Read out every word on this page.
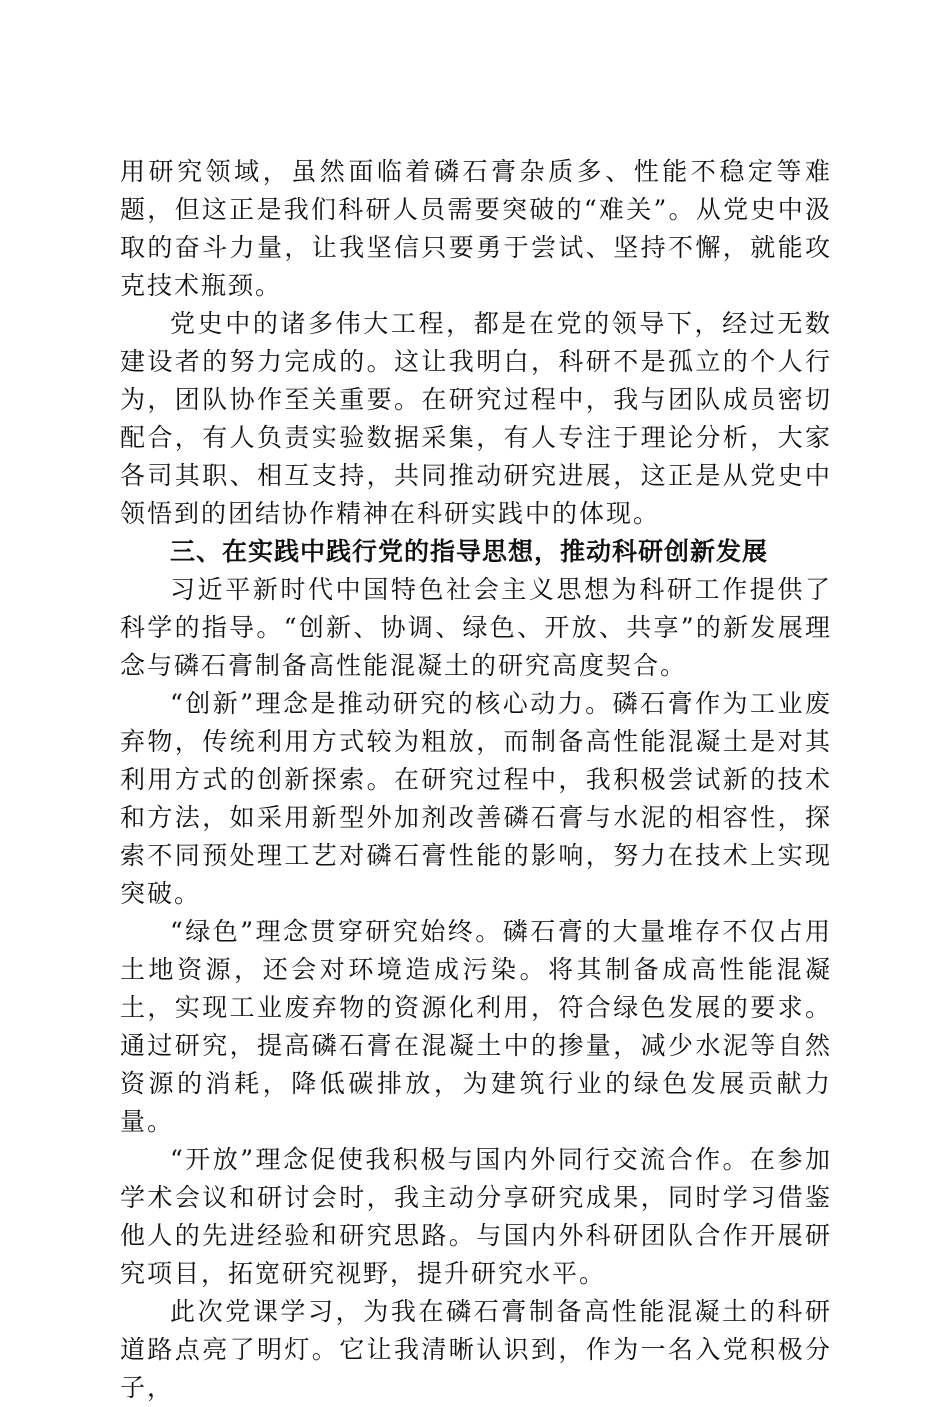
用研究领域，虽然面临着磷石膏杂质多、性能不稳定等难题，但这正是我们科研人员需要突破的“难关”。从党史中汲取的奋斗力量，让我坚信只要勇于尝试、坚持不懈，就能攻克技术瓶颈。

党史中的诸多伟大工程，都是在党的领导下，经过无数建设者的努力完成的。这让我明白，科研不是孤立的个人行为，团队协作至关重要。在研究过程中，我与团队成员密切配合，有人负责实验数据采集，有人专注于理论分析，大家各司其职、相互支持，共同推动研究进展，这正是从党史中领悟到的团结协作精神在科研实践中的体现。

三、在实践中践行党的指导思想，推动科研创新发展

习近平新时代中国特色社会主义思想为科研工作提供了科学的指导。“创新、协调、绿色、开放、共享”的新发展理念与磷石膏制备高性能混凝土的研究高度契合。

“创新”理念是推动研究的核心动力。磷石膏作为工业废弃物，传统利用方式较为粗放，而制备高性能混凝土是对其利用方式的创新探索。在研究过程中，我积极尝试新的技术和方法，如采用新型外加剂改善磷石膏与水泥的相容性，探索不同预处理工艺对磷石膏性能的影响，努力在技术上实现突破。

“绿色”理念贯穿研究始终。磷石膏的大量堆存不仅占用土地资源，还会对环境造成污染。将其制备成高性能混凝土，实现工业废弃物的资源化利用，符合绿色发展的要求。通过研究，提高磷石膏在混凝土中的掺量，减少水泥等自然资源的消耗，降低碳排放，为建筑行业的绿色发展贡献力量。

“开放”理念促使我积极与国内外同行交流合作。在参加学术会议和研讨会时，我主动分享研究成果，同时学习借鉴他人的先进经验和研究思路。与国内外科研团队合作开展研究项目，拓宽研究视野，提升研究水平。

此次党课学习，为我在磷石膏制备高性能混凝土的科研道路点亮了明灯。它让我清晰认识到，作为一名入党积极分子，
